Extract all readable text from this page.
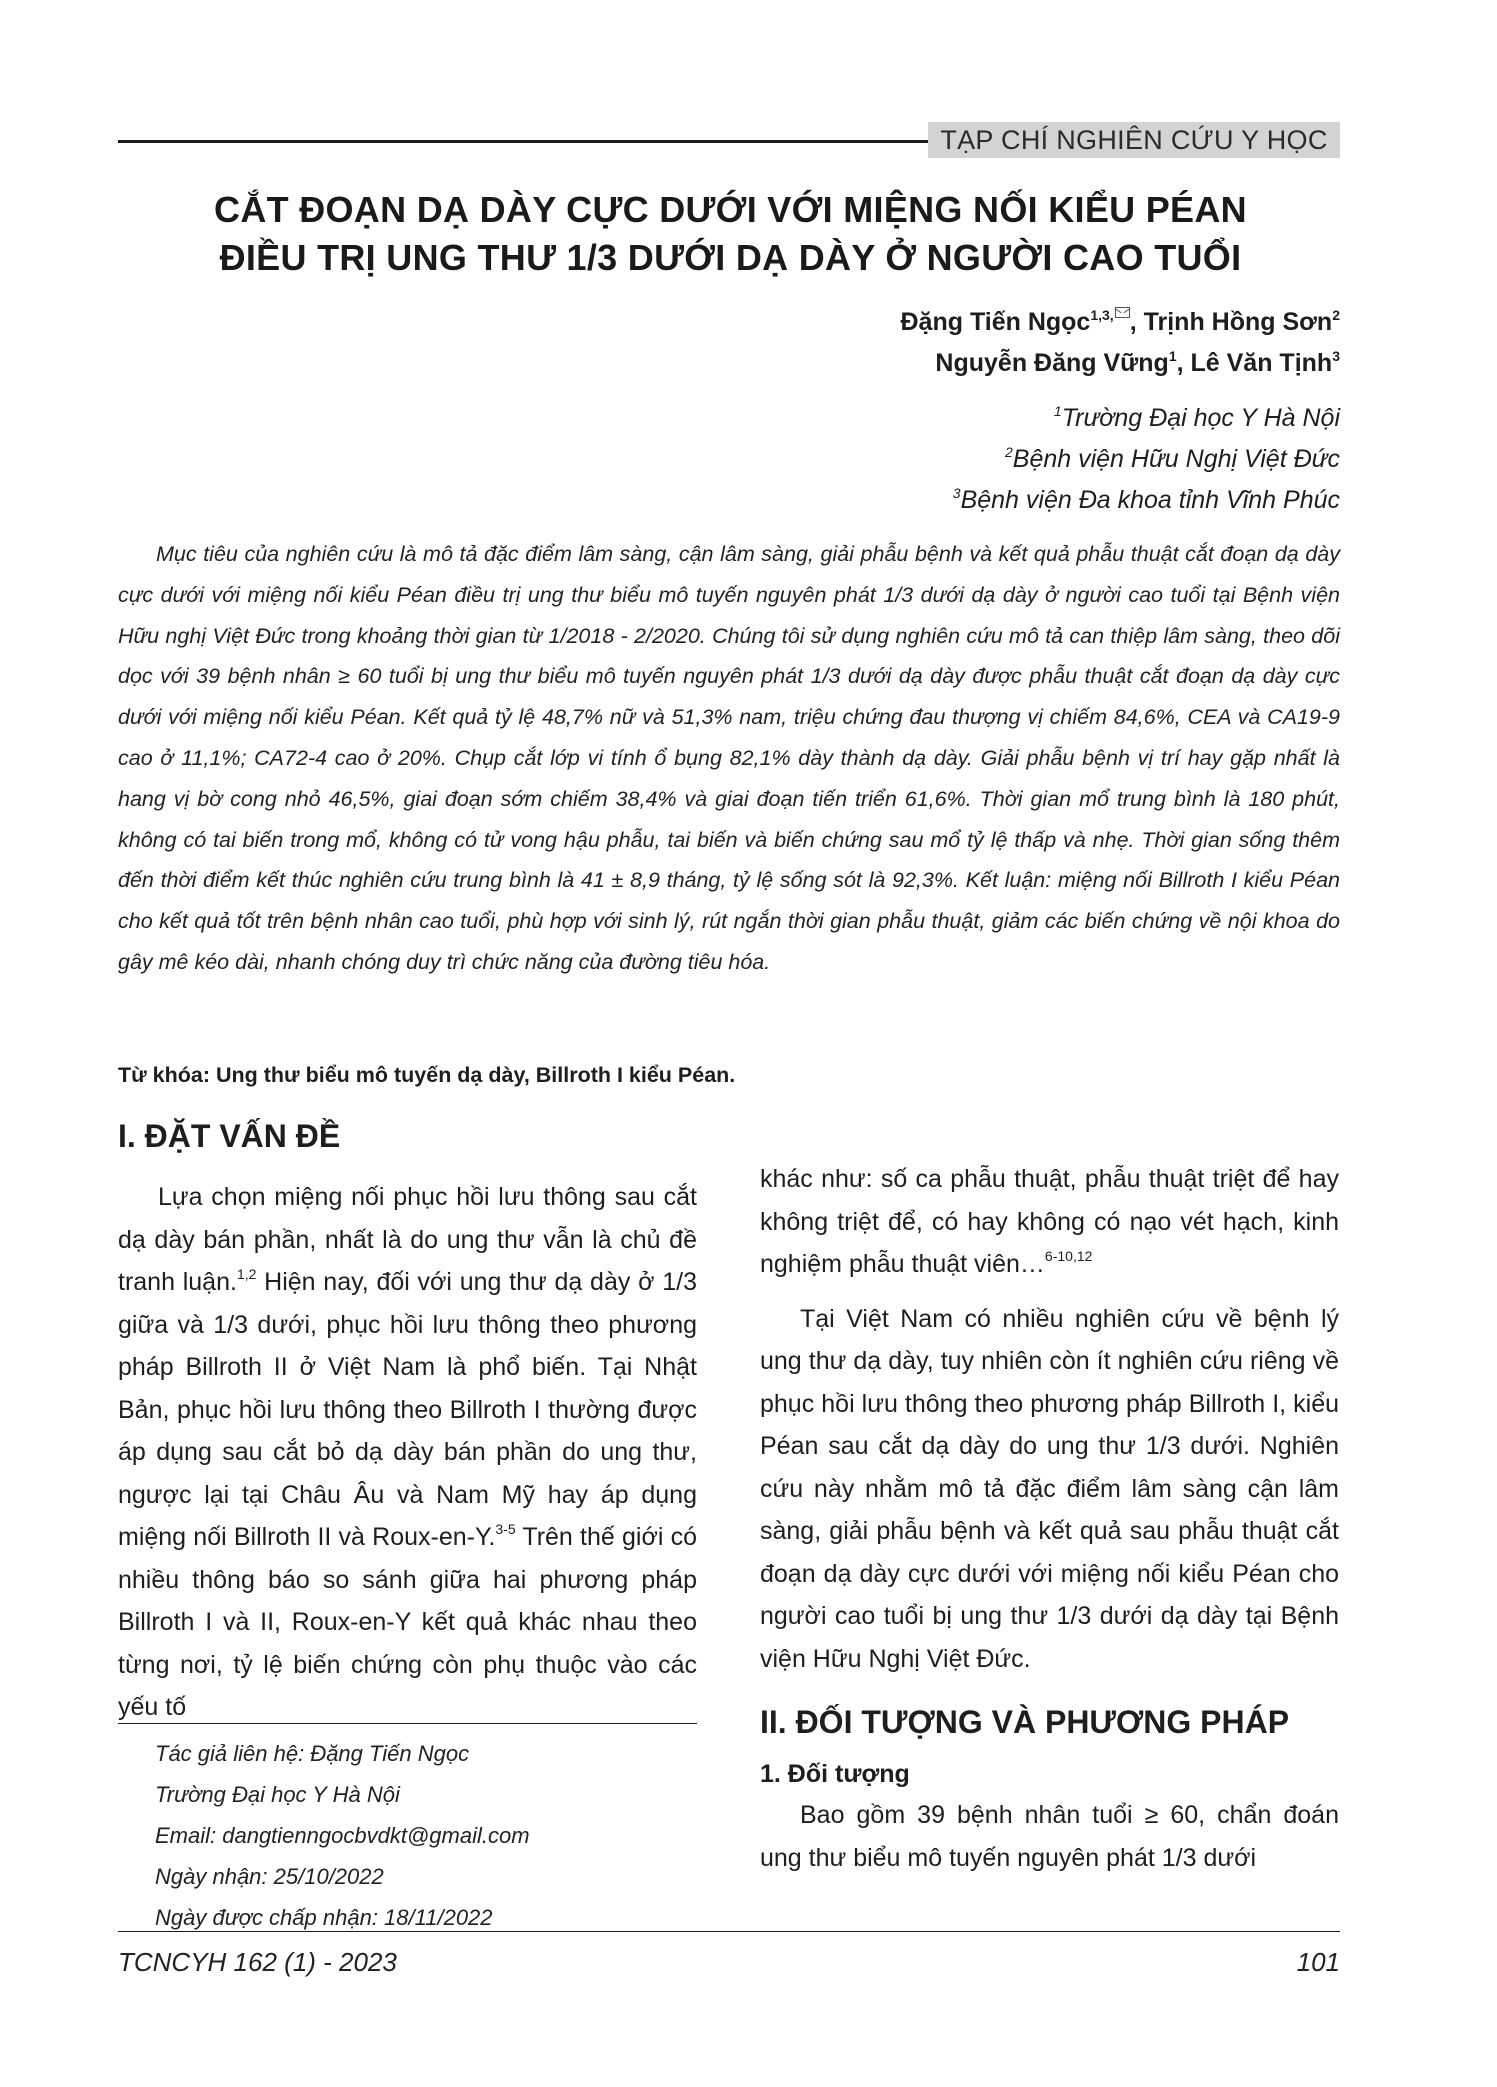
TẠP CHÍ NGHIÊN CỨU Y HỌC
CẮT ĐOẠN DẠ DÀY CỰC DƯỚI VỚI MIỆNG NỐI KIỂU PÉAN
ĐIỀU TRỊ UNG THƯ 1/3 DƯỚI DẠ DÀY Ở NGƯỜI CAO TUỔI
Đặng Tiến Ngọc$^{1,3,}$ , Trịnh Hồng Sơn$^2$
Nguyễn Đăng Vững$^1$, Lê Văn Tịnh$^3$
$^1$Trường Đại học Y Hà Nội
$^2$Bệnh viện Hữu Nghị Việt Đức
$^3$Bệnh viện Đa khoa tỉnh Vĩnh Phúc
Mục tiêu của nghiên cứu là mô tả đặc điểm lâm sàng, cận lâm sàng, giải phẫu bệnh và kết quả phẫu thuật cắt đoạn dạ dày cực dưới với miệng nối kiểu Péan điều trị ung thư biểu mô tuyến nguyên phát 1/3 dưới dạ dày ở người cao tuổi tại Bệnh viện Hữu nghị Việt Đức trong khoảng thời gian từ 1/2018 - 2/2020. Chúng tôi sử dụng nghiên cứu mô tả can thiệp lâm sàng, theo dõi dọc với 39 bệnh nhân ≥ 60 tuổi bị ung thư biểu mô tuyến nguyên phát 1/3 dưới dạ dày được phẫu thuật cắt đoạn dạ dày cực dưới với miệng nối kiểu Péan. Kết quả tỷ lệ 48,7% nữ và 51,3% nam, triệu chứng đau thượng vị chiếm 84,6%, CEA và CA19-9 cao ở 11,1%; CA72-4 cao ở 20%. Chụp cắt lớp vi tính ổ bụng 82,1% dày thành dạ dày. Giải phẫu bệnh vị trí hay gặp nhất là hang vị bờ cong nhỏ 46,5%, giai đoạn sớm chiếm 38,4% và giai đoạn tiến triển 61,6%. Thời gian mổ trung bình là 180 phút, không có tai biến trong mổ, không có tử vong hậu phẫu, tai biến và biến chứng sau mổ tỷ lệ thấp và nhẹ. Thời gian sống thêm đến thời điểm kết thúc nghiên cứu trung bình là 41 ± 8,9 tháng, tỷ lệ sống sót là 92,3%. Kết luận: miệng nối Billroth I kiểu Péan cho kết quả tốt trên bệnh nhân cao tuổi, phù hợp với sinh lý, rút ngắn thời gian phẫu thuật, giảm các biến chứng về nội khoa do gây mê kéo dài, nhanh chóng duy trì chức năng của đường tiêu hóa.
Từ khóa: Ung thư biểu mô tuyến dạ dày, Billroth I kiểu Péan.
I. ĐẶT VẤN ĐỀ
Lựa chọn miệng nối phục hồi lưu thông sau cắt dạ dày bán phần, nhất là do ung thư vẫn là chủ đề tranh luận.$^{1,2}$ Hiện nay, đối với ung thư dạ dày ở 1/3 giữa và 1/3 dưới, phục hồi lưu thông theo phương pháp Billroth II ở Việt Nam là phổ biến. Tại Nhật Bản, phục hồi lưu thông theo Billroth I thường được áp dụng sau cắt bỏ dạ dày bán phần do ung thư, ngược lại tại Châu Âu và Nam Mỹ hay áp dụng miệng nối Billroth II và Roux-en-Y.$^{3-5}$ Trên thế giới có nhiều thông báo so sánh giữa hai phương pháp Billroth I và II, Roux-en-Y kết quả khác nhau theo từng nơi, tỷ lệ biến chứng còn phụ thuộc vào các yếu tố
Tác giả liên hệ: Đặng Tiến Ngọc
Trường Đại học Y Hà Nội
Email: dangtienngocbvdkt@gmail.com
Ngày nhận: 25/10/2022
Ngày được chấp nhận: 18/11/2022
khác như: số ca phẫu thuật, phẫu thuật triệt để hay không triệt để, có hay không có nạo vét hạch, kinh nghiệm phẫu thuật viên…$^{6-10,12}$
Tại Việt Nam có nhiều nghiên cứu về bệnh lý ung thư dạ dày, tuy nhiên còn ít nghiên cứu riêng về phục hồi lưu thông theo phương pháp Billroth I, kiểu Péan sau cắt dạ dày do ung thư 1/3 dưới. Nghiên cứu này nhằm mô tả đặc điểm lâm sàng cận lâm sàng, giải phẫu bệnh và kết quả sau phẫu thuật cắt đoạn dạ dày cực dưới với miệng nối kiểu Péan cho người cao tuổi bị ung thư 1/3 dưới dạ dày tại Bệnh viện Hữu Nghị Việt Đức.
II. ĐỐI TƯỢNG VÀ PHƯƠNG PHÁP
1. Đối tượng
Bao gồm 39 bệnh nhân tuổi ≥ 60, chẩn đoán ung thư biểu mô tuyến nguyên phát 1/3 dưới
TCNCYH 162 (1) - 2023	101
